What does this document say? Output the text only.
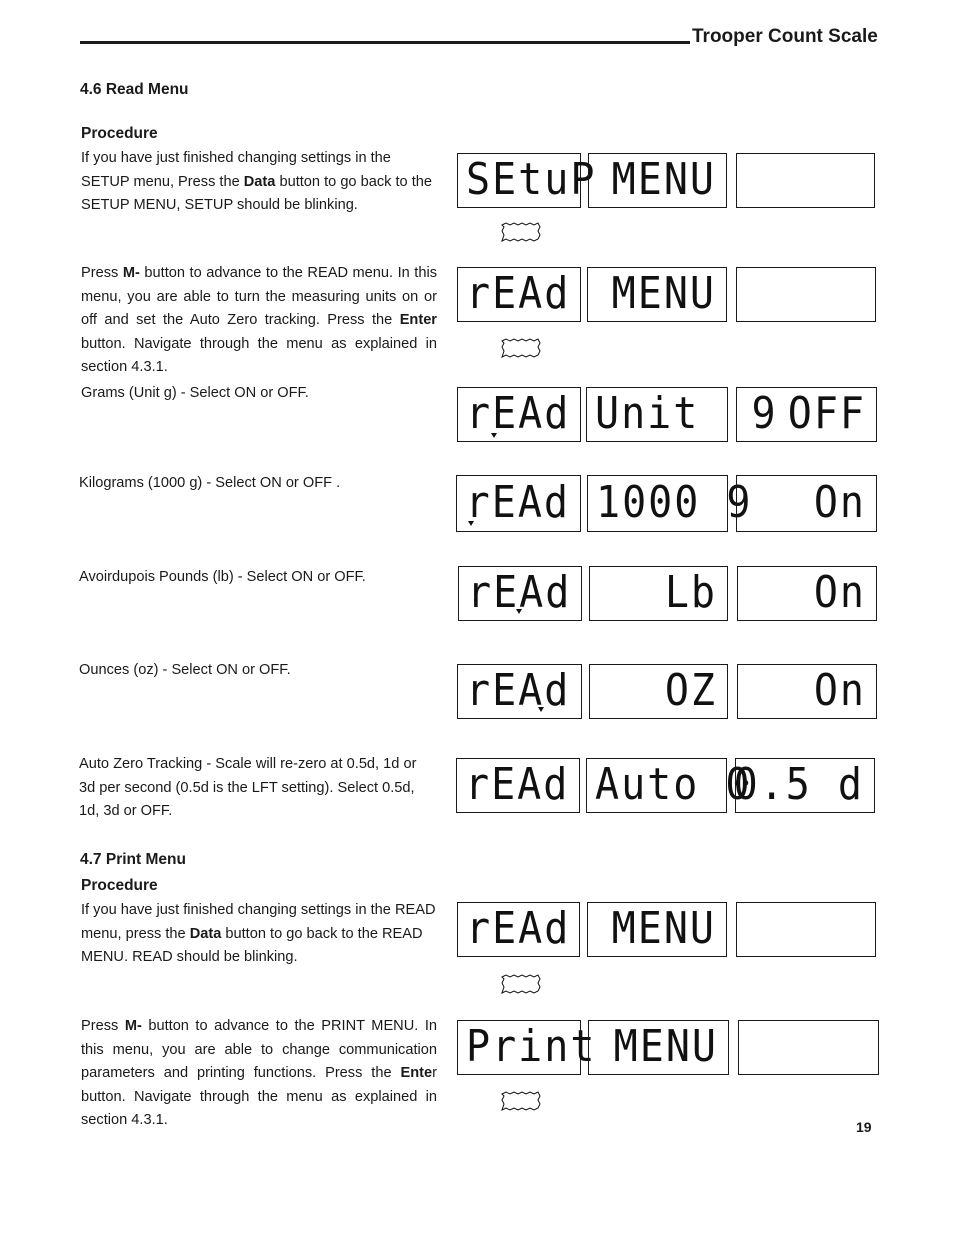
Trooper Count Scale
4.6 Read Menu
Procedure
If you have just finished changing settings in the SETUP menu, Press the Data button to go back to the SETUP MENU, SETUP should be blinking.
Press M- button to advance to the READ menu. In this menu, you are able to turn the measuring units on or off and set the Auto Zero tracking. Press the Enter button. Navigate through the menu as explained in section 4.3.1.
Grams (Unit g) - Select ON or OFF.
Kilograms (1000 g) - Select ON or OFF .
Avoirdupois Pounds (lb) - Select ON or OFF.
Ounces (oz) - Select ON or OFF.
Auto Zero Tracking - Scale will re-zero at 0.5d, 1d or 3d per second (0.5d is the LFT setting). Select 0.5d, 1d, 3d or OFF.
4.7 Print Menu
Procedure
If you have just finished changing settings in the READ menu, press the Data button to go back to the READ MENU. READ should be blinking.
Press M- button to advance to the PRINT MENU. In this menu, you are able to change communication parameters and printing functions. Press the Enter button. Navigate through the menu as explained in section 4.3.1.
SEtuP MENU
rEAd MENU
rEAd Unit  9 OFF
rEAd 1000 9 On
rEAd Lb On
rEAd OZ On
rEAd Auto 0
0.5 d
rEAd MENU
Print MENU
19
